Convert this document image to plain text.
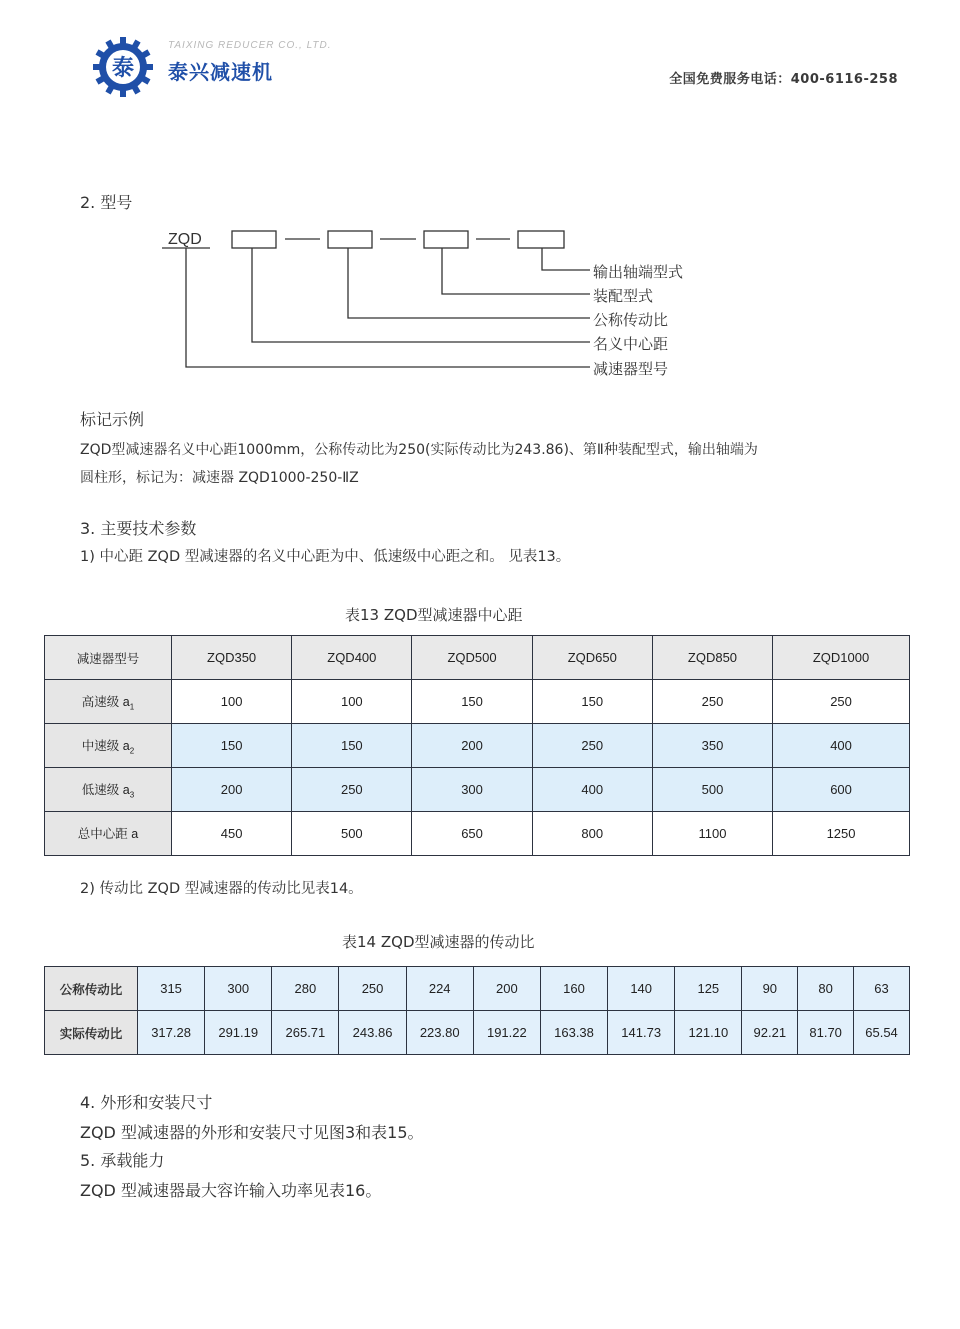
泰
TAIXING REDUCER CO., LTD.
泰兴减速机	全国免费服务电话：400-6116-258
2. 型号
ZQD
输出轴端型式
装配型式
公称传动比
名义中心距
减速器型号
标记示例
ZQD型减速器名义中心距1000mm，公称传动比为250(实际传动比为243.86)、第Ⅱ种装配型式，输出轴端为
圆柱形，标记为：减速器 ZQD1000-250-ⅡZ
3. 主要技术参数
1) 中心距 ZQD 型减速器的名义中心距为中、低速级中心距之和。 见表13。
表13 ZQD型减速器中心距
减速器型号	ZQD350	ZQD400	ZQD500	ZQD650	ZQD850	ZQD1000
高速级 $a_1$	100	100	150	150	250	250
中速级 $a_2$	150	150	200	250	350	400
低速级 $a_3$	200	250	300	400	500	600
总中心距 a	450	500	650	800	1100	1250
2) 传动比 ZQD 型减速器的传动比见表14。
表14 ZQD型减速器的传动比
公称传动比	315	300	280	250	224	200	160	140	125	90	80	63
实际传动比	317.28	291.19	265.71	243.86	223.80	191.22	163.38	141.73	121.10	92.21	81.70	65.54
4. 外形和安装尺寸
ZQD 型减速器的外形和安装尺寸见图3和表15。
5. 承载能力
ZQD 型减速器最大容许输入功率见表16。
